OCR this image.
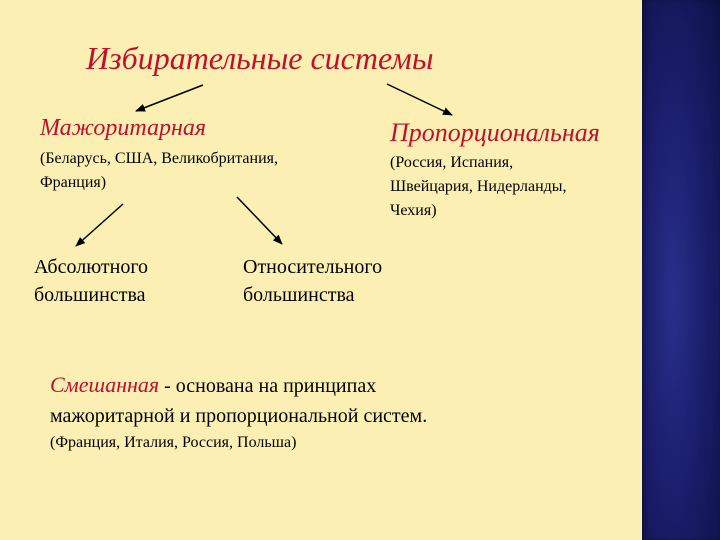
Избирательные системы
Мажоритарная
(Беларусь, США, Великобритания,
Франция)
Пропорциональная
(Россия, Испания,
Швейцария, Нидерланды,
Чехия)
Абсолютного
большинства
Относительного
большинства
Смешанная - основана на принципах
мажоритарной и пропорциональной систем.
(Франция, Италия, Россия, Польша)
